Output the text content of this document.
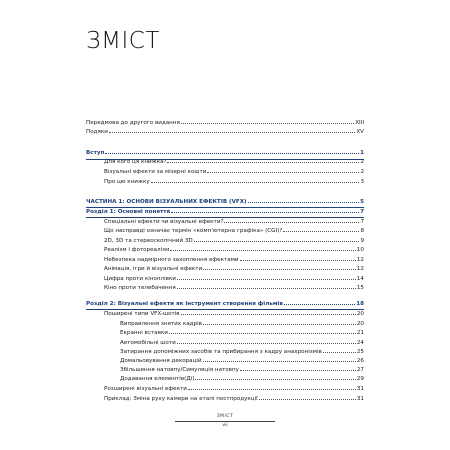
ЗМІСТ
Передмова до другого видання	XIII
Подяки	XV
Вступ	1
Для кого ця книжка?	2
Візуальні ефекти за мізерні кошти	2
Про цю книжку	3
ЧАСТИНА 1: ОСНОВИ ВІЗУАЛЬНИХ ЕФЕКТІВ (VFX)	5
Розділ 1: Основні поняття	7
Спеціальні ефекти чи візуальні ефекти?	7
Що насправді означає термін «комп’ютерна графіка» (CGI)?	8
2D, 3D та стереоскопічний 3D	9
Реалізм і фотореалізм	10
Небезпека надмірного захоплення ефектами	12
Анімація, ігри й візуальні ефекти	12
Цифра проти кіноплівки	14
Кіно проти телебачення	15
Розділ 2: Візуальні ефекти як інструмент створення фільмів	18
Поширені типи VFX-шотів	20
Виправлення знятих кадрів	20
Екранні вставки	21
Автомобільні шоти	24
Затирання допоміжних засобів та прибирання з кадру анахронізмів	25
Домальовування декорацій	26
Збільшення натовпу/Симуляція натовпу	27
Додавання елементів(Ді)	29
Розширені візуальні ефекти	31
Приклад: Зміна руху камери на етапі постпродукції	31
ЗМІСТ
vii
